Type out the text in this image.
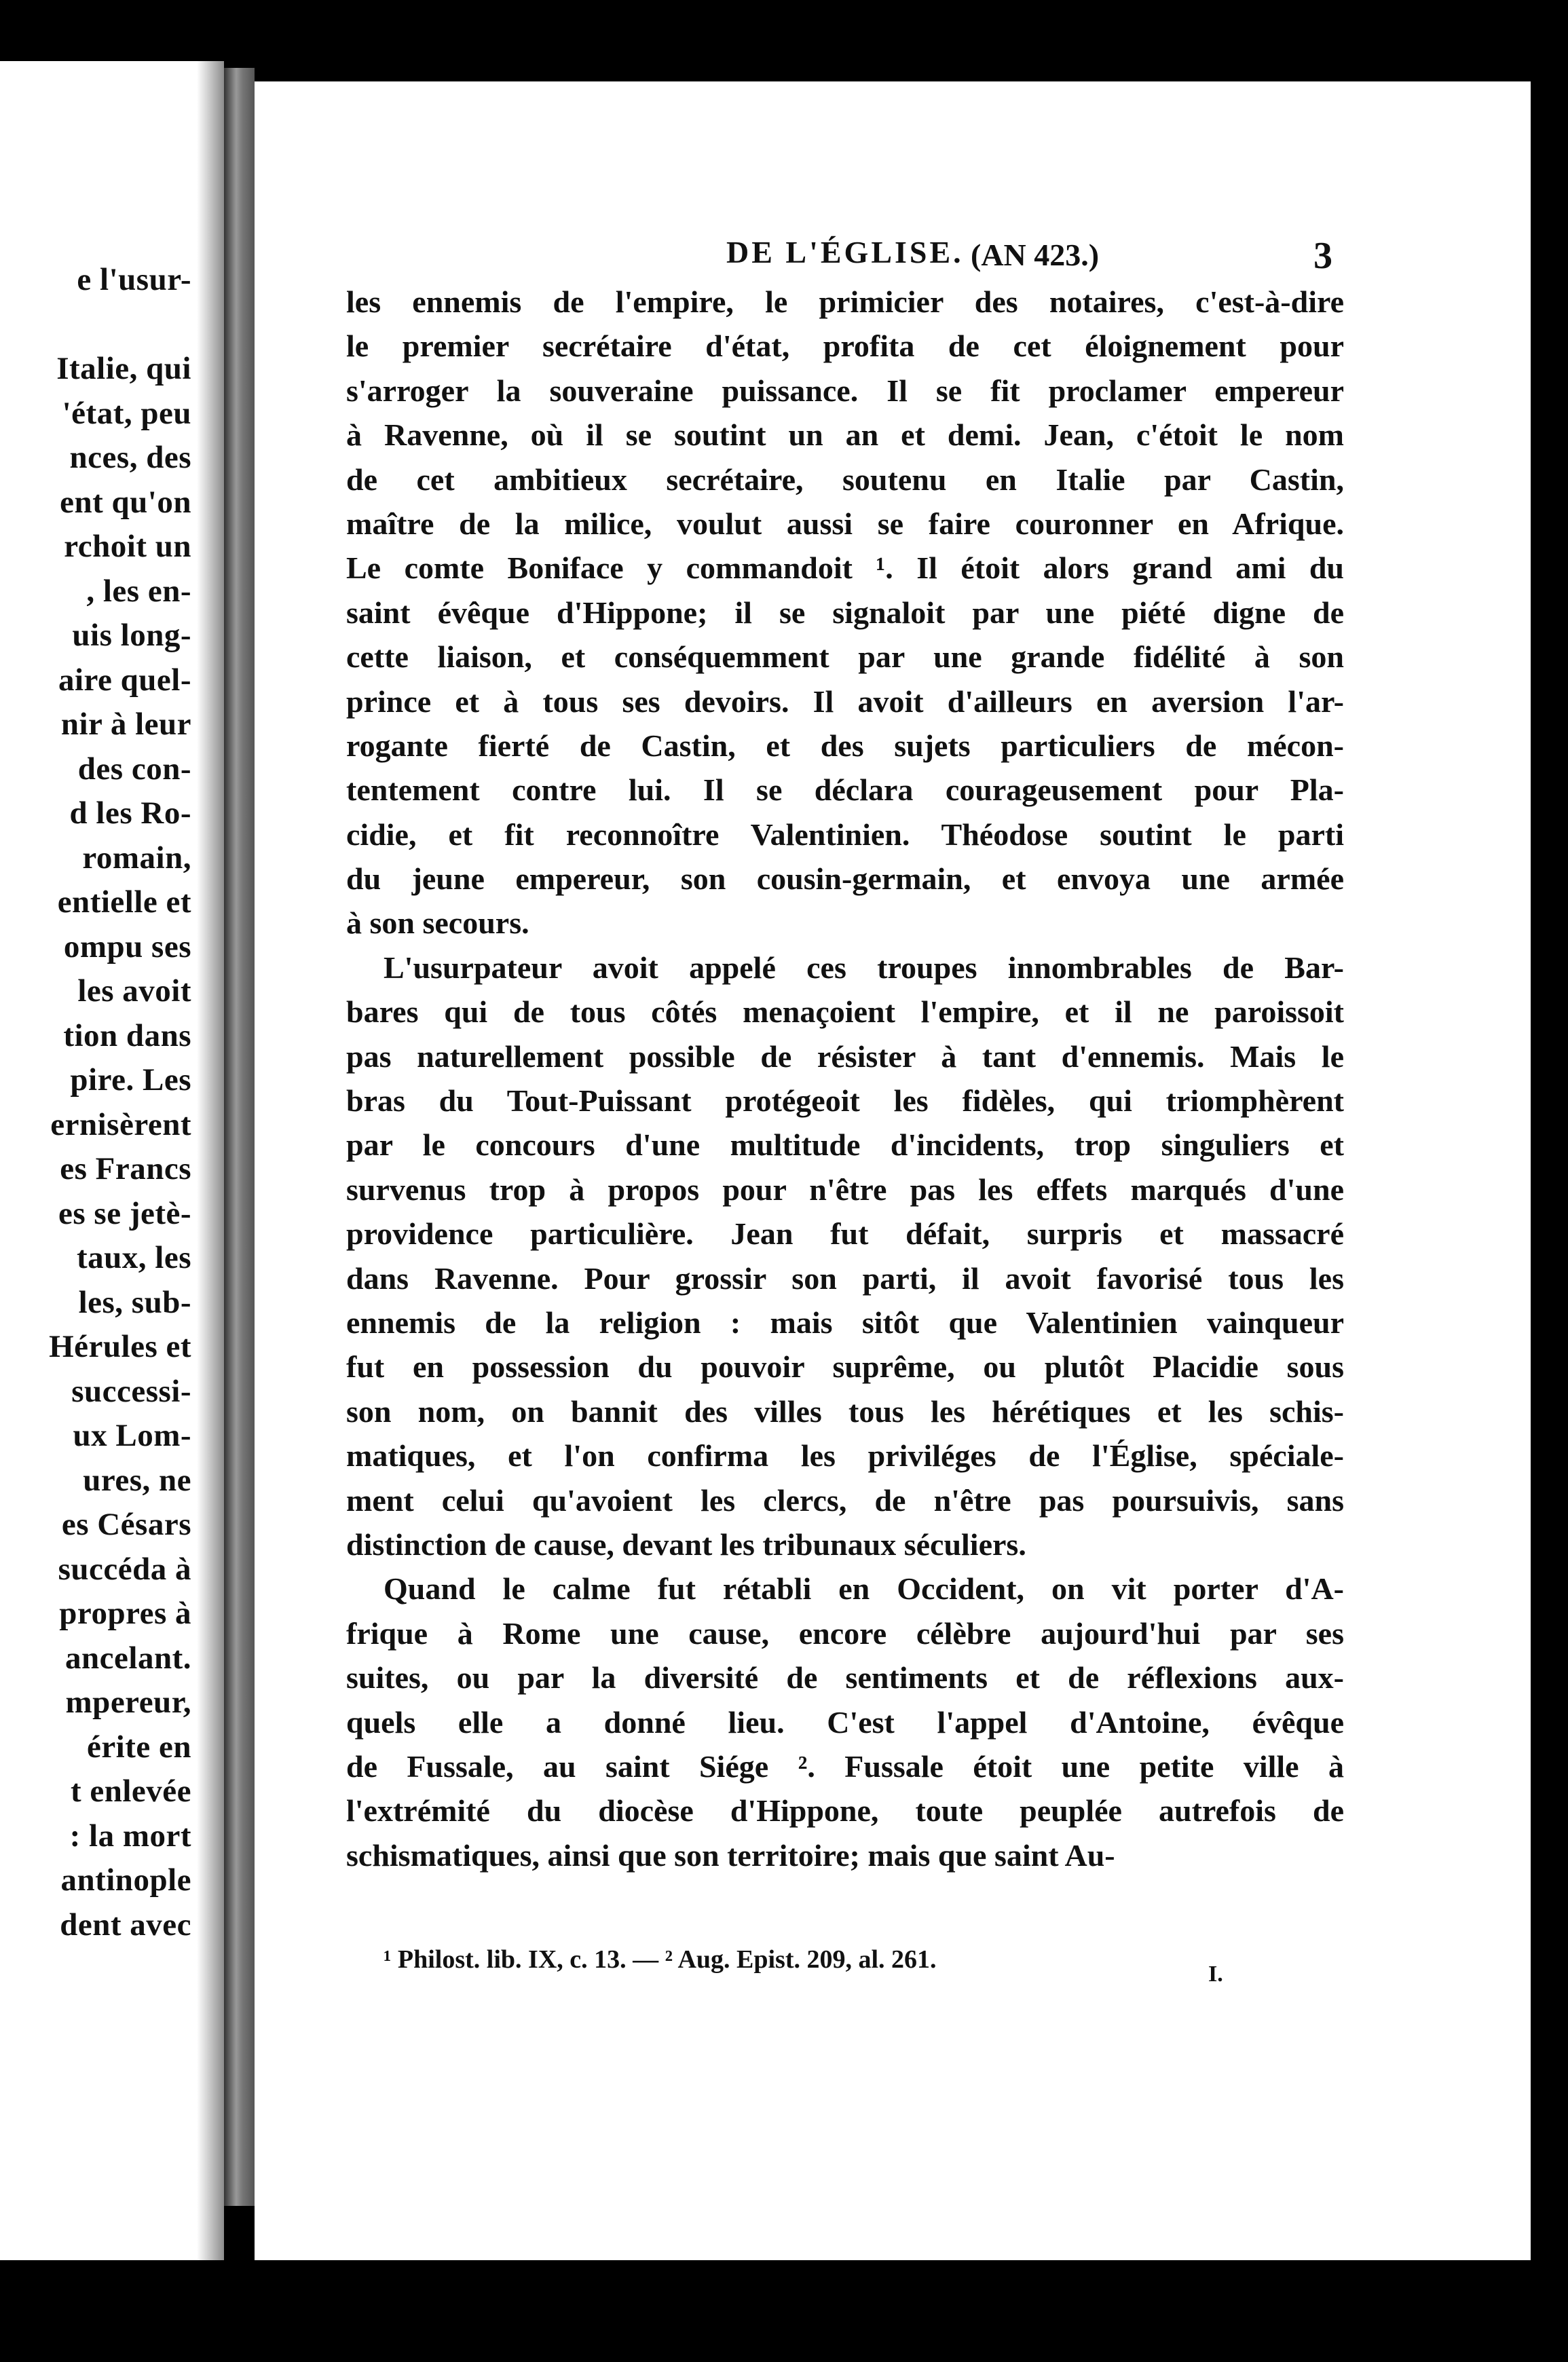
e l'usur-
Italie, qui
'état, peu
nces, des
ent qu'on
rchoit un
, les en-
uis long-
aire quel-
nir à leur
des con-
d les Ro-
romain,
entielle et
ompu ses
les avoit
tion dans
pire. Les
ernisèrent
es Francs
es se jetè-
taux, les
les, sub-
Hérules et
successi-
ux Lom-
ures, ne
es Césars
succéda à
propres à
ancelant.
mpereur,
érite en
t enlevée
: la mort
antinople
dent avec
DE L'ÉGLISE. (AN 423.)	3
les ennemis de l'empire, le primicier des notaires, c'est-à-dire
le premier secrétaire d'état, profita de cet éloignement pour
s'arroger la souveraine puissance. Il se fit proclamer empereur
à Ravenne, où il se soutint un an et demi. Jean, c'étoit le nom
de cet ambitieux secrétaire, soutenu en Italie par Castin,
maître de la milice, voulut aussi se faire couronner en Afrique.
Le comte Boniface y commandoit ¹. Il étoit alors grand ami du
saint évêque d'Hippone; il se signaloit par une piété digne de
cette liaison, et conséquemment par une grande fidélité à son
prince et à tous ses devoirs. Il avoit d'ailleurs en aversion l'ar-
rogante fierté de Castin, et des sujets particuliers de mécon-
tentement contre lui. Il se déclara courageusement pour Pla-
cidie, et fit reconnoître Valentinien. Théodose soutint le parti
du jeune empereur, son cousin-germain, et envoya une armée
à son secours.
L'usurpateur avoit appelé ces troupes innombrables de Bar-
bares qui de tous côtés menaçoient l'empire, et il ne paroissoit
pas naturellement possible de résister à tant d'ennemis. Mais le
bras du Tout-Puissant protégeoit les fidèles, qui triomphèrent
par le concours d'une multitude d'incidents, trop singuliers et
survenus trop à propos pour n'être pas les effets marqués d'une
providence particulière. Jean fut défait, surpris et massacré
dans Ravenne. Pour grossir son parti, il avoit favorisé tous les
ennemis de la religion : mais sitôt que Valentinien vainqueur
fut en possession du pouvoir suprême, ou plutôt Placidie sous
son nom, on bannit des villes tous les hérétiques et les schis-
matiques, et l'on confirma les priviléges de l'Église, spéciale-
ment celui qu'avoient les clercs, de n'être pas poursuivis, sans
distinction de cause, devant les tribunaux séculiers.
Quand le calme fut rétabli en Occident, on vit porter d'A-
frique à Rome une cause, encore célèbre aujourd'hui par ses
suites, ou par la diversité de sentiments et de réflexions aux-
quels elle a donné lieu. C'est l'appel d'Antoine, évêque
de Fussale, au saint Siége ². Fussale étoit une petite ville à
l'extrémité du diocèse d'Hippone, toute peuplée autrefois de
schismatiques, ainsi que son territoire; mais que saint Au-
¹ Philost. lib. IX, c. 13. — ² Aug. Epist. 209, al. 261.
I.
